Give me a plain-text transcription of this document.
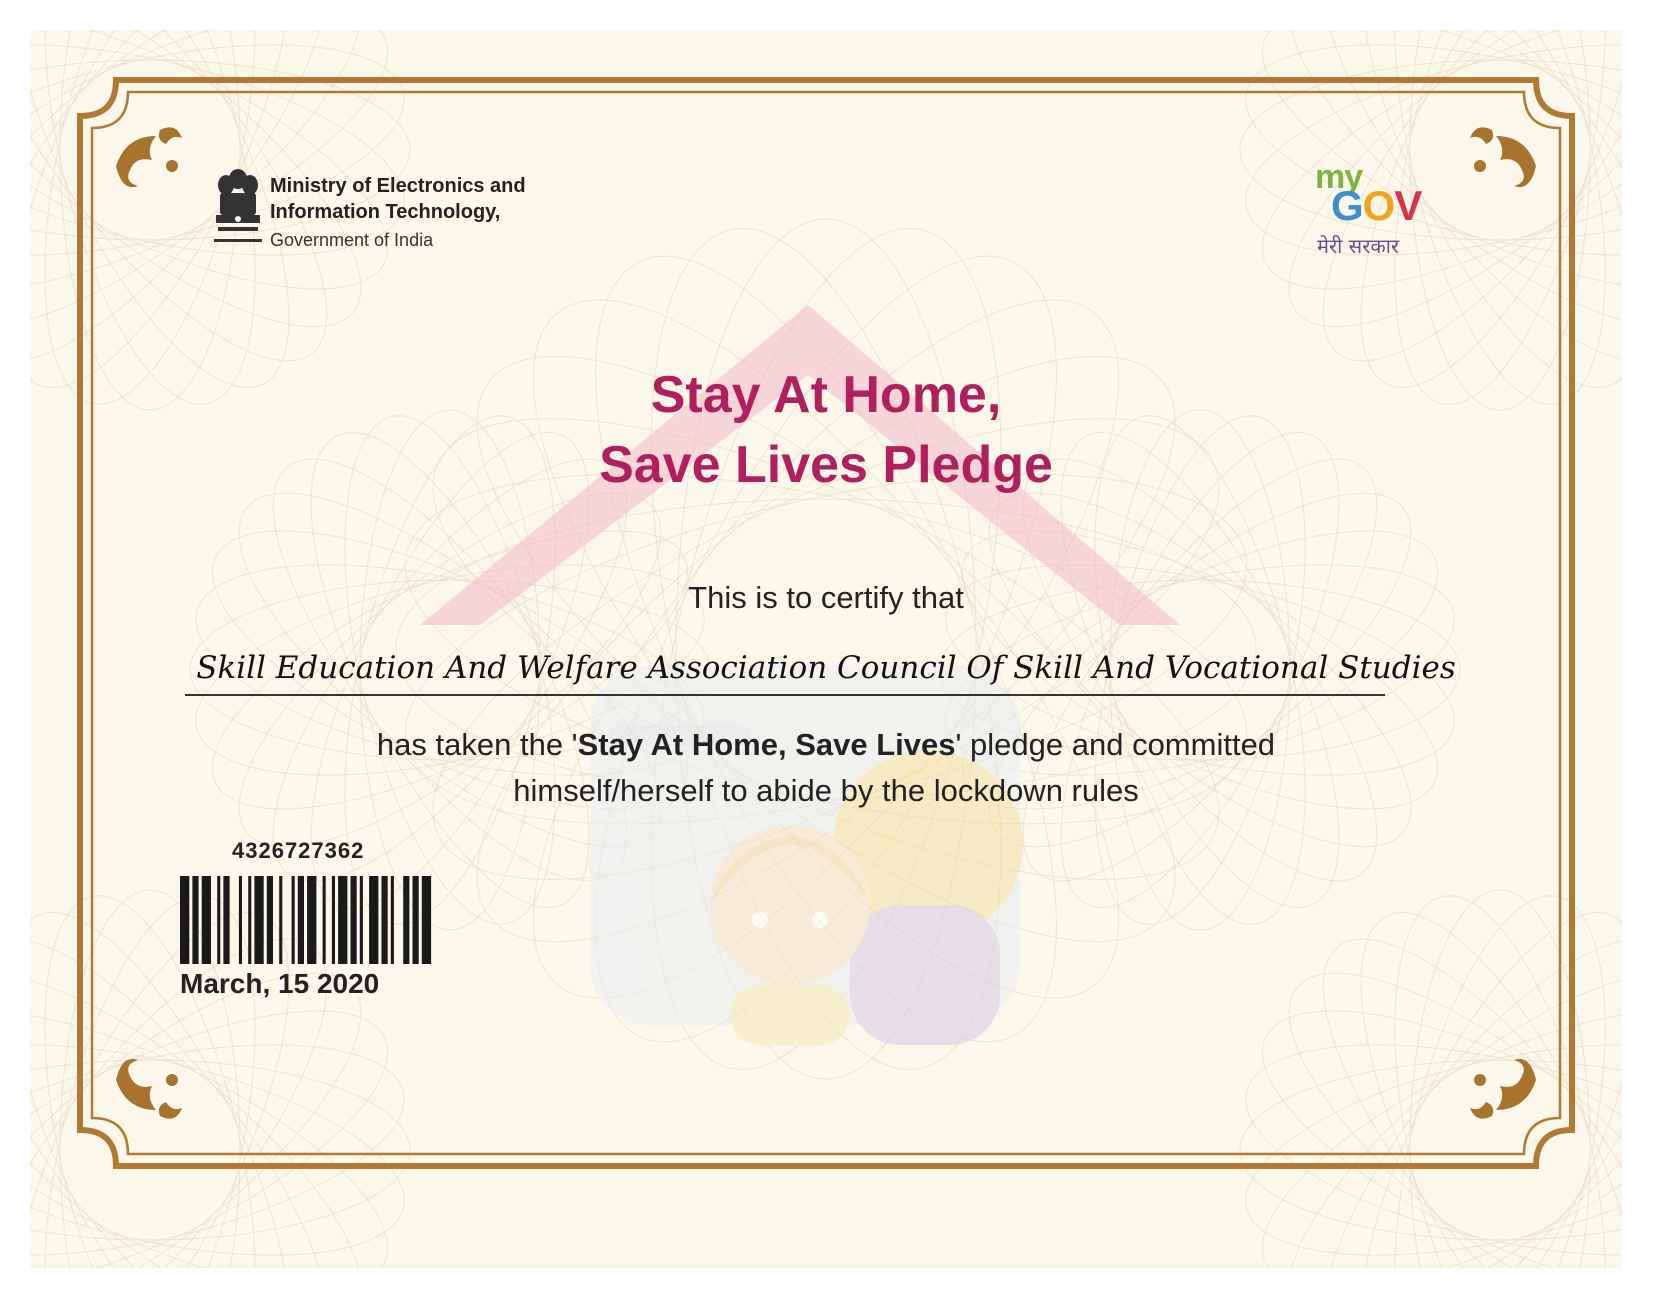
Ministry of Electronics and
Information Technology,
Government of India
my
GOV
मेरी सरकार
Stay At Home,
Save Lives Pledge
This is to certify that
Skill Education And Welfare Association Council Of Skill And Vocational Studies
has taken the 'Stay At Home, Save Lives' pledge and committed
himself/herself to abide by the lockdown rules
4326727362
March, 15 2020
